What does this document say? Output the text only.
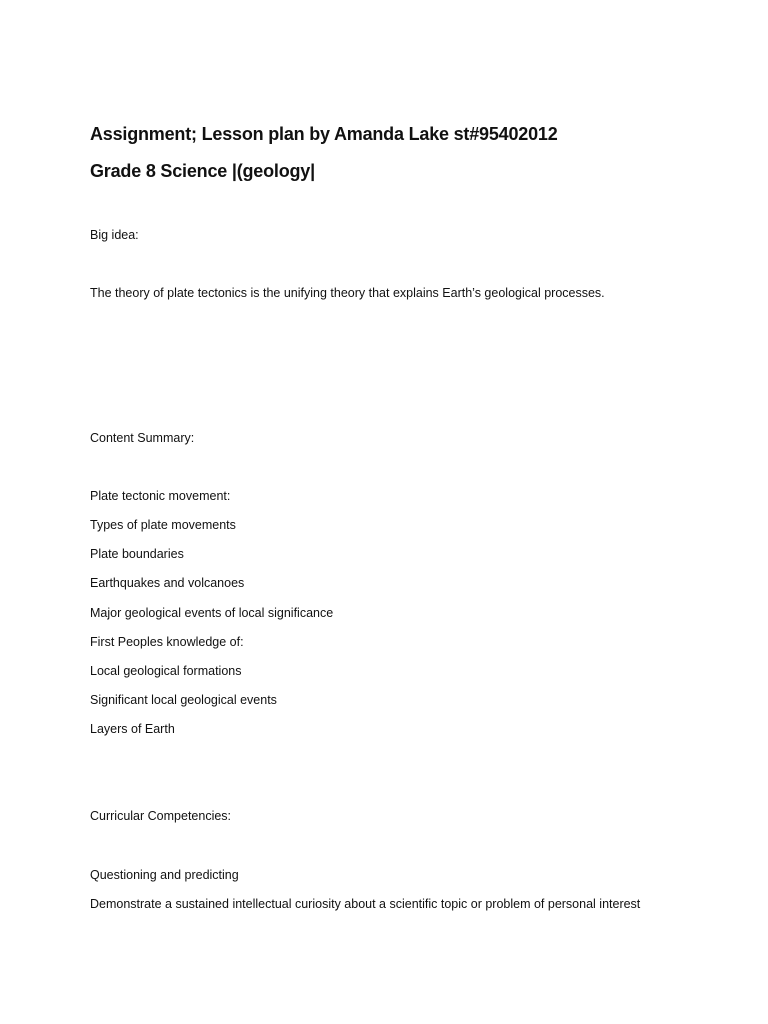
Assignment; Lesson plan by Amanda Lake st#95402012
Grade 8 Science |(geology|
Big idea:
The theory of plate tectonics is the unifying theory that explains Earth’s geological processes.
Content Summary:
Plate tectonic movement:
Types of plate movements
Plate boundaries
Earthquakes and volcanoes
Major geological events of local significance
First Peoples knowledge of:
Local geological formations
Significant local geological events
Layers of Earth
Curricular Competencies:
Questioning and predicting
Demonstrate a sustained intellectual curiosity about a scientific topic or problem of personal interest
